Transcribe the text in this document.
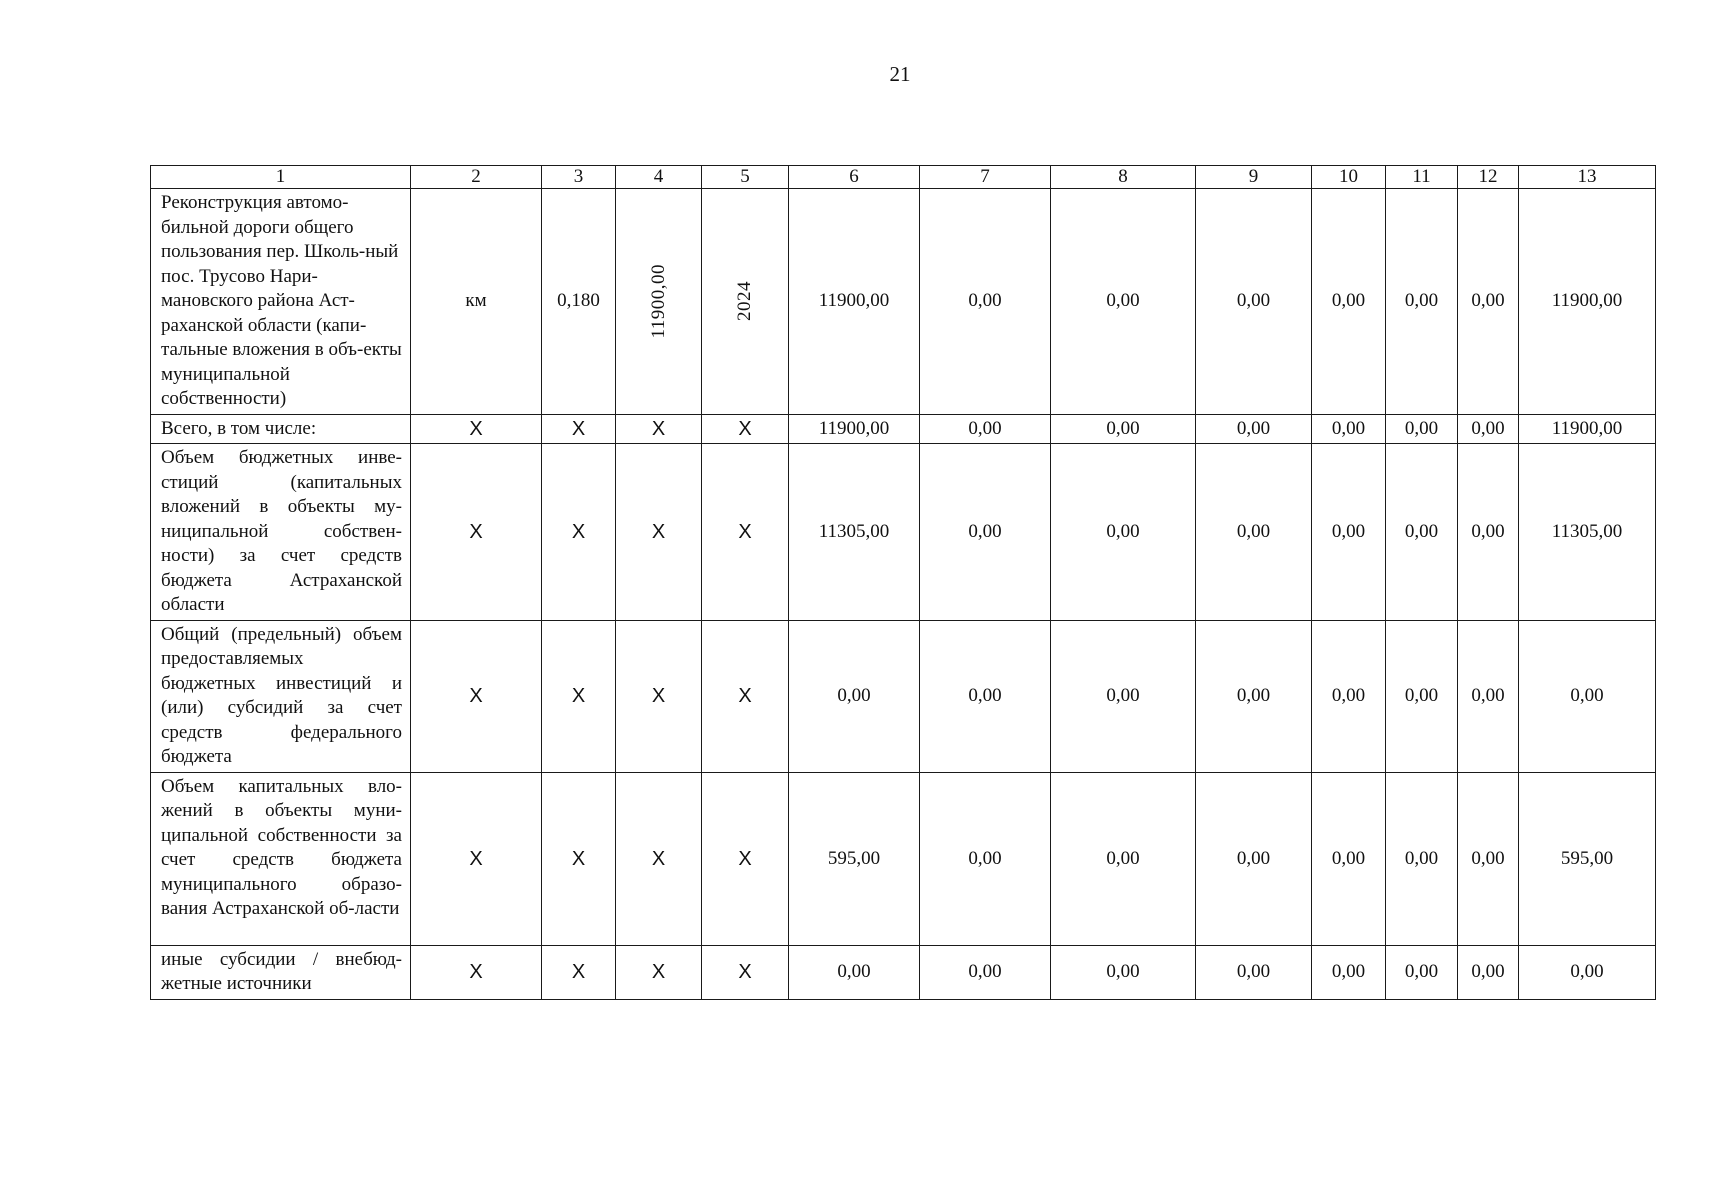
21
1	2	3	4	5	6	7	8	9	10	11	12	13
Реконструкция автомо-бильной дороги общего пользования пер. Школь-ный пос. Трусово Нари-мановского района Аст-раханской области (капи-тальные вложения в объ-екты муниципальной собственности)	км	0,180	11900,00	2024	11900,00	0,00	0,00	0,00	0,00	0,00	0,00	11900,00
Всего, в том числе:	X	X	X	X	11900,00	0,00	0,00	0,00	0,00	0,00	0,00	11900,00
Объем бюджетных инве-стиций (капитальных вложений в объекты му-ниципальной собствен-ности) за счет средств бюджета Астраханской области	X	X	X	X	11305,00	0,00	0,00	0,00	0,00	0,00	0,00	11305,00
Общий (предельный) объем предоставляемых бюджетных инвестиций и (или) субсидий за счет средств федерального бюджета	X	X	X	X	0,00	0,00	0,00	0,00	0,00	0,00	0,00	0,00
Объем капитальных вло-жений в объекты муни-ципальной собственности за счет средств бюджета муниципального образо-вания Астраханской об-ласти	X	X	X	X	595,00	0,00	0,00	0,00	0,00	0,00	0,00	595,00
иные субсидии / внебюд-жетные источники	X	X	X	X	0,00	0,00	0,00	0,00	0,00	0,00	0,00	0,00
